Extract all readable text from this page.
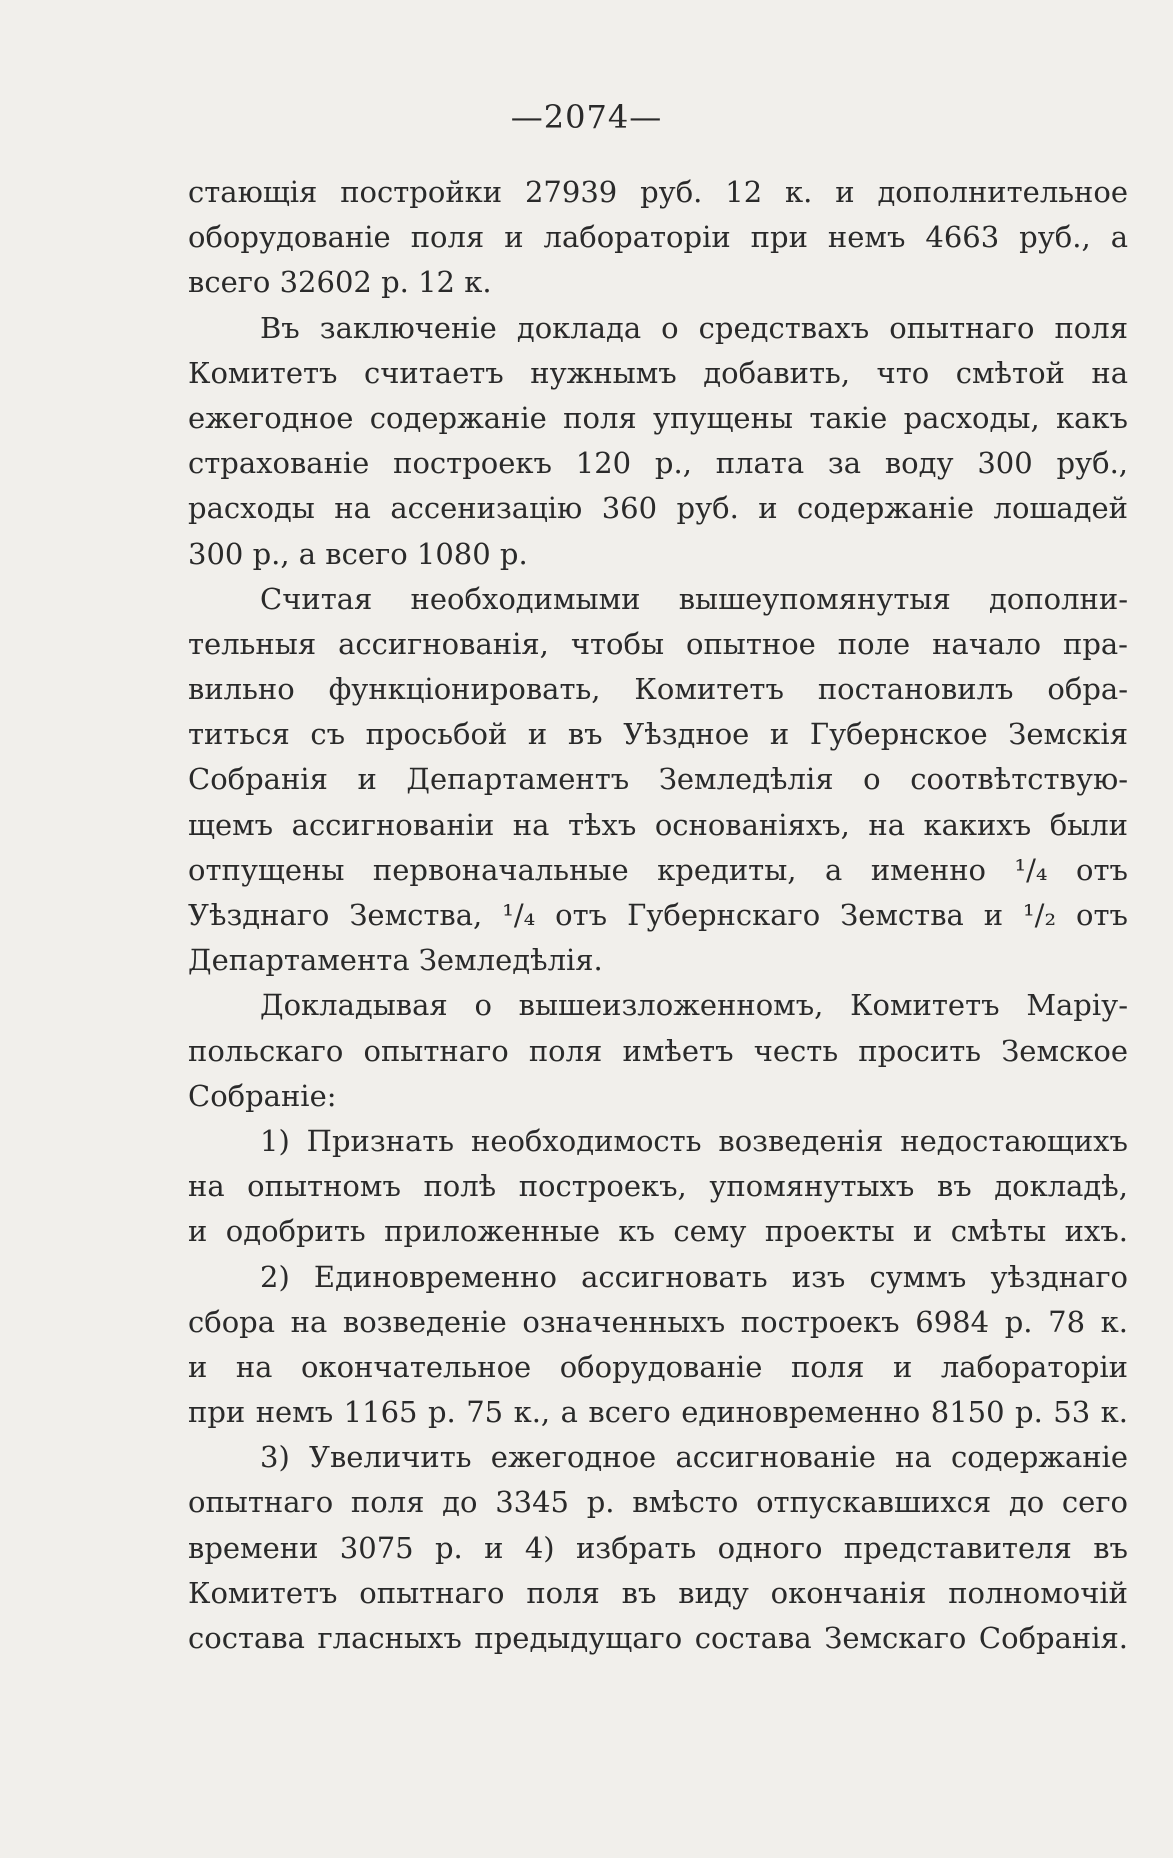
—2074—
стающія постройки 27939 руб. 12 к. и дополнительное
оборудованіе поля и лабораторіи при немъ 4663 руб., а
всего 32602 р. 12 к.
Въ заключеніе доклада о средствахъ опытнаго поля
Комитетъ считаетъ нужнымъ добавить, что смѣтой на
ежегодное содержаніе поля упущены такіе расходы, какъ
страхованіе построекъ 120 р., плата за воду 300 руб.,
расходы на ассенизацію 360 руб. и содержаніе лошадей
300 р., а всего 1080 р.
Считая необходимыми вышеупомянутыя дополни-
тельныя ассигнованія, чтобы опытное поле начало пра-
вильно функціонировать, Комитетъ постановилъ обра-
титься съ просьбой и въ Уѣздное и Губернское Земскія
Собранія и Департаментъ Земледѣлія о соотвѣтствую-
щемъ ассигнованіи на тѣхъ основаніяхъ, на какихъ были
отпущены первоначальные кредиты, а именно ¹/₄ отъ
Уѣзднаго Земства, ¹/₄ отъ Губернскаго Земства и ¹/₂ отъ
Департамента Земледѣлія.
Докладывая о вышеизложенномъ, Комитетъ Маріу-
польскаго опытнаго поля имѣетъ честь просить Земское
Собраніе:
1) Признать необходимость возведенія недостающихъ
на опытномъ полѣ построекъ, упомянутыхъ въ докладѣ,
и одобрить приложенные къ сему проекты и смѣты ихъ.
2) Единовременно ассигновать изъ суммъ уѣзднаго
сбора на возведеніе означенныхъ построекъ 6984 р. 78 к.
и на окончательное оборудованіе поля и лабораторіи
при немъ 1165 р. 75 к., а всего единовременно 8150 р. 53 к.
3) Увеличить ежегодное ассигнованіе на содержаніе
опытнаго поля до 3345 р. вмѣсто отпускавшихся до сего
времени 3075 р. и 4) избрать одного представителя въ
Комитетъ опытнаго поля въ виду окончанія полномочій
состава гласныхъ предыдущаго состава Земскаго Собранія.
